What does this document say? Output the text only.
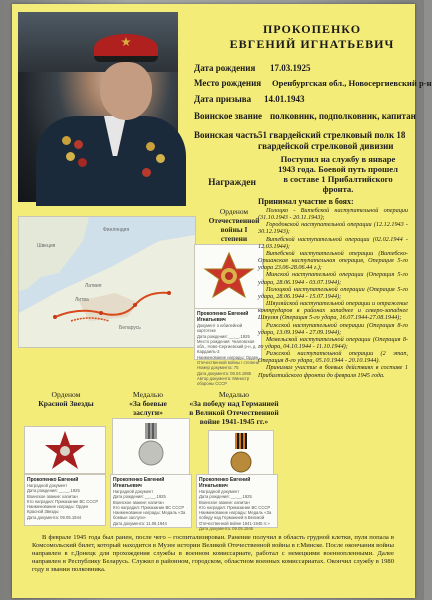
ПРОКОПЕНКО
ЕВГЕНИЙ ИГНАТЬЕВИЧ
Дата рождения 17.03.1925
Место рождения Оренбургская обл., Новосергиевский р-н
Дата призыва 14.01.1943
Воинское звание полковник, подполковник, капитан
Воинская часть 51 гвардейский стрелковый полк 18
гвардейской стрелковой дивизии
Награжден
Поступил на службу в январе
1943 года. Боевой путь прошел
в составе 1 Прибалтийского
фронта.
Орденом
Отечественной войны I
степени
Швеция
Финляндия
Латвия
Литва
Беларусь
Прокопенко Евгений Игнатьевич
Документ о юбилейной картотеке
Дата рождения: __.__.1925
Место рождения: Чкаловская обл., Ново-Сергиевский р-н, д. Кардаиль-3
Наименование награды: Орден Отечественной войны I степени
Номер документа: 75
Дата документа: 06.04.1985
Автор документа: Министр обороны СССР
Орденом
Красной Звезды
Медалью
«За боевые
заслуги»
Медалью
«За победу над Германией
в Великой Отечественной
войне 1941-1945 гг.»
Прокопенко Евгений
Наградной документ
Дата рождения: __.__.1925
Воинское звание: капитан
Кто наградил: Приказание ВС СССР
Наименование награды: Орден Красной Звезды
Дата документа: 09.05.1944
Прокопенко Евгений Игнатьевич
Наградной документ
Дата рождения: __.__.1925
Воинское звание: капитан
Кто наградил: Приказание ВС СССР
Наименование награды: Медаль «За боевые заслуги»
Дата документа: 11.06.1944
Прокопенко Евгений Игнатьевич
Наградной документ
Дата рождения: __.__.1925
Воинское звание: капитан
Кто наградил: Приказание ВС СССР
Наименование награды: Медаль «За победу над Германией в Великой Отечественной войне 1941-1945 гг.»
Дата документа: 09.05.1945
Принимал участие в боях:

Полоцко - Витебской наступательной операции (31.10.1943 - 20.11.1943);

Городокской наступательной операции (12.12.1943 - 30.12.1943);

Витебской наступательной операции (02.02.1944 - 12.03.1944);

Витебской наступательной операции (Витебско-Оршанская наступательная операция, Операция 5-го удара 23.06-28.06.44 г.);

Минской наступательной операции (Операция 5-го удара, 28.06.1944 - 03.07.1944);

Полоцкой наступательной операции (Операция 5-го удара, 28.06.1944 - 15.07.1944);

Шяуляйской наступательной операции и отражение контрударов в районах западнее и северо-западнее Шяуляя (Операция 5-го удара, 16.07.1944-27.08.1944);

Рижской наступательной операции (Операция 8-го удара, 13.09.1944 - 27.09.1944);

Мемельской наступательной операции (Операция 8-го удара, 04.10.1944 - 11.10.1944);

Рижской наступательной операции (2 этап, Операция 8-го удара, 05.10.1944 - 20.10.1944).

Принимал участие в боевых действиях в составе 1 Прибалтийского фронта до февраля 1945 года.

В феврале 1945 года был ранен, после чего – госпитализирован. Ранение получил в область грудной клетки, пуля попала в Комсомольский билет, который находится в Музее истории Великой Отечественной войны в г.Минске. После окончания войны направлен в г.Донецк для прохождения службы в военном комиссариате, работал с немецкими военнопленными. Далее направлен в Республику Беларусь. Служил в районном, городском, областном военных комиссариатах. Окончил службу в 1980 году в звании полковника.
